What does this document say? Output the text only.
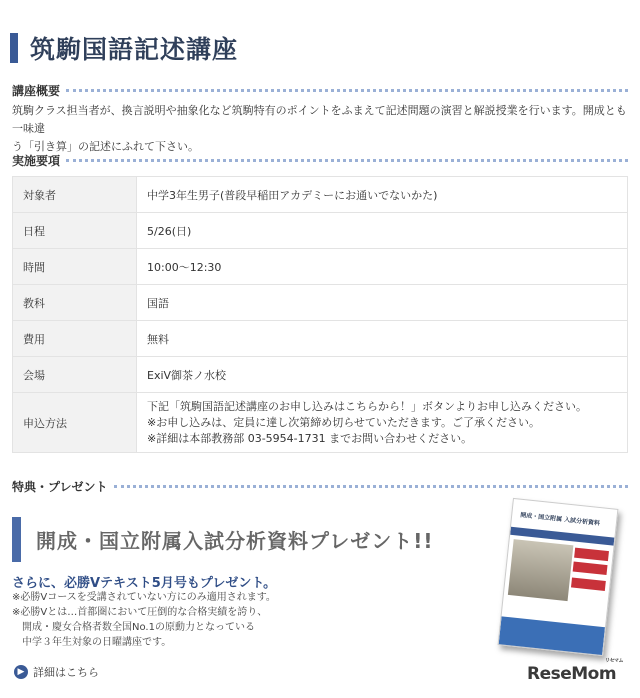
筑駒国語記述講座
講座概要
筑駒クラス担当者が、換言説明や抽象化など筑駒特有のポイントをふまえて記述問題の演習と解説授業を行います。開成とも一味違
う「引き算」の記述にふれて下さい。
実施要項
対象者	中学3年生男子(普段早稲田アカデミーにお通いでないかた)
日程	5/26(日)
時間	10:00～12:30
教科	国語
費用	無料
会場	ExiV御茶ノ水校
申込方法	下記「筑駒国語記述講座のお申し込みはこちらから！」ボタンよりお申し込みください。
※お申し込みは、定員に達し次第締め切らせていただきます。ご了承ください。
※詳細は本部教務部 03-5954-1731 までお問い合わせください。
特典・プレゼント
開成・国立附属入試分析資料プレゼント!!
さらに、必勝Vテキスト5月号もプレゼント。
※必勝Vコースを受講されていない方にのみ適用されます。
※必勝Vとは…首都圏において圧倒的な合格実績を誇り、
　開成・慶女合格者数全国No.1の原動力となっている
　中学３年生対象の日曜講座です。
▶ 詳細はこちら
開成・国立附属 入試分析資料
ReseMom
リセマム
